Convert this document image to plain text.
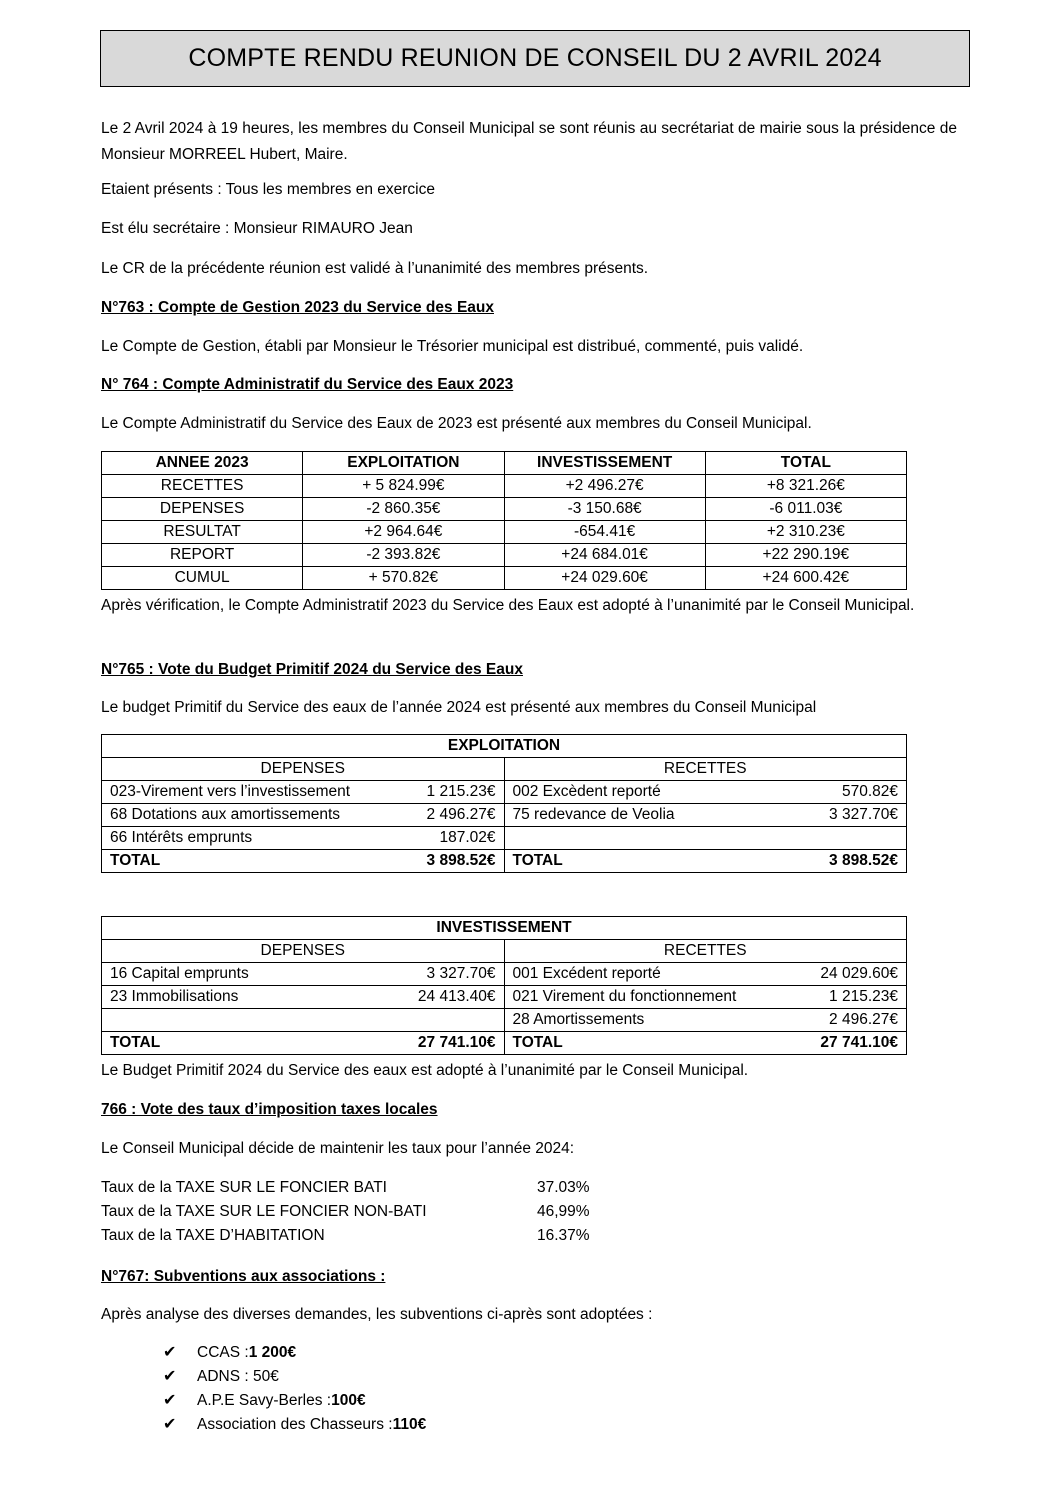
COMPTE RENDU REUNION DE CONSEIL DU 2 AVRIL 2024
Le 2 Avril 2024 à 19 heures, les membres du Conseil Municipal se sont réunis au secrétariat de mairie sous la présidence de Monsieur MORREEL Hubert, Maire.
Etaient présents : Tous les membres en exercice
Est élu secrétaire : Monsieur RIMAURO Jean
Le CR de la précédente réunion est validé à l’unanimité des membres présents.
N°763 : Compte de Gestion 2023 du Service des Eaux
Le Compte de Gestion, établi par Monsieur le Trésorier municipal est distribué, commenté, puis validé.
N° 764 : Compte Administratif du Service des Eaux 2023
Le Compte Administratif du Service des Eaux de 2023 est présenté aux membres du Conseil Municipal.
ANNEE 2023	EXPLOITATION	INVESTISSEMENT	TOTAL
RECETTES	+ 5 824.99€	+2 496.27€	+8 321.26€
DEPENSES	-2 860.35€	-3 150.68€	-6 011.03€
RESULTAT	+2 964.64€	-654.41€	+2 310.23€
REPORT	-2 393.82€	+24 684.01€	+22 290.19€
CUMUL	+ 570.82€	+24 029.60€	+24 600.42€
Après vérification, le Compte Administratif 2023 du Service des Eaux est adopté à l’unanimité par le Conseil Municipal.
N°765 : Vote du Budget Primitif 2024 du Service des Eaux
Le budget Primitif du Service des eaux de l’année 2024 est présenté aux membres du Conseil Municipal
EXPLOITATION			
DEPENSES		RECETTES	
023-Virement vers l’investissement	1 215.23€	002 Excèdent reporté	570.82€
68 Dotations aux amortissements	2 496.27€	75 redevance de Veolia	3 327.70€
66 Intérêts emprunts	187.02€		
TOTAL	3 898.52€	TOTAL	3 898.52€
INVESTISSEMENT			
DEPENSES		RECETTES	
16 Capital emprunts	3 327.70€	001 Excédent reporté	24 029.60€
23 Immobilisations	24 413.40€	021 Virement du fonctionnement	1 215.23€
		28 Amortissements	2 496.27€
TOTAL	27 741.10€	TOTAL	27 741.10€
Le Budget Primitif 2024 du Service des eaux est adopté à l’unanimité par le Conseil Municipal.
766 : Vote des taux d’imposition taxes locales
Le Conseil Municipal décide de maintenir les taux pour l’année 2024:
Taux de la TAXE SUR LE FONCIER BATI	37.03%
Taux de la TAXE SUR LE FONCIER NON-BATI	46,99%
Taux de la TAXE D’HABITATION	16.37%
N°767: Subventions aux associations :
Après analyse des diverses demandes, les subventions ci-après sont adoptées :
✔	CCAS : 1 200€
✔	ADNS : 50€
✔	A.P.E Savy-Berles : 100€
✔	Association des Chasseurs : 110€
